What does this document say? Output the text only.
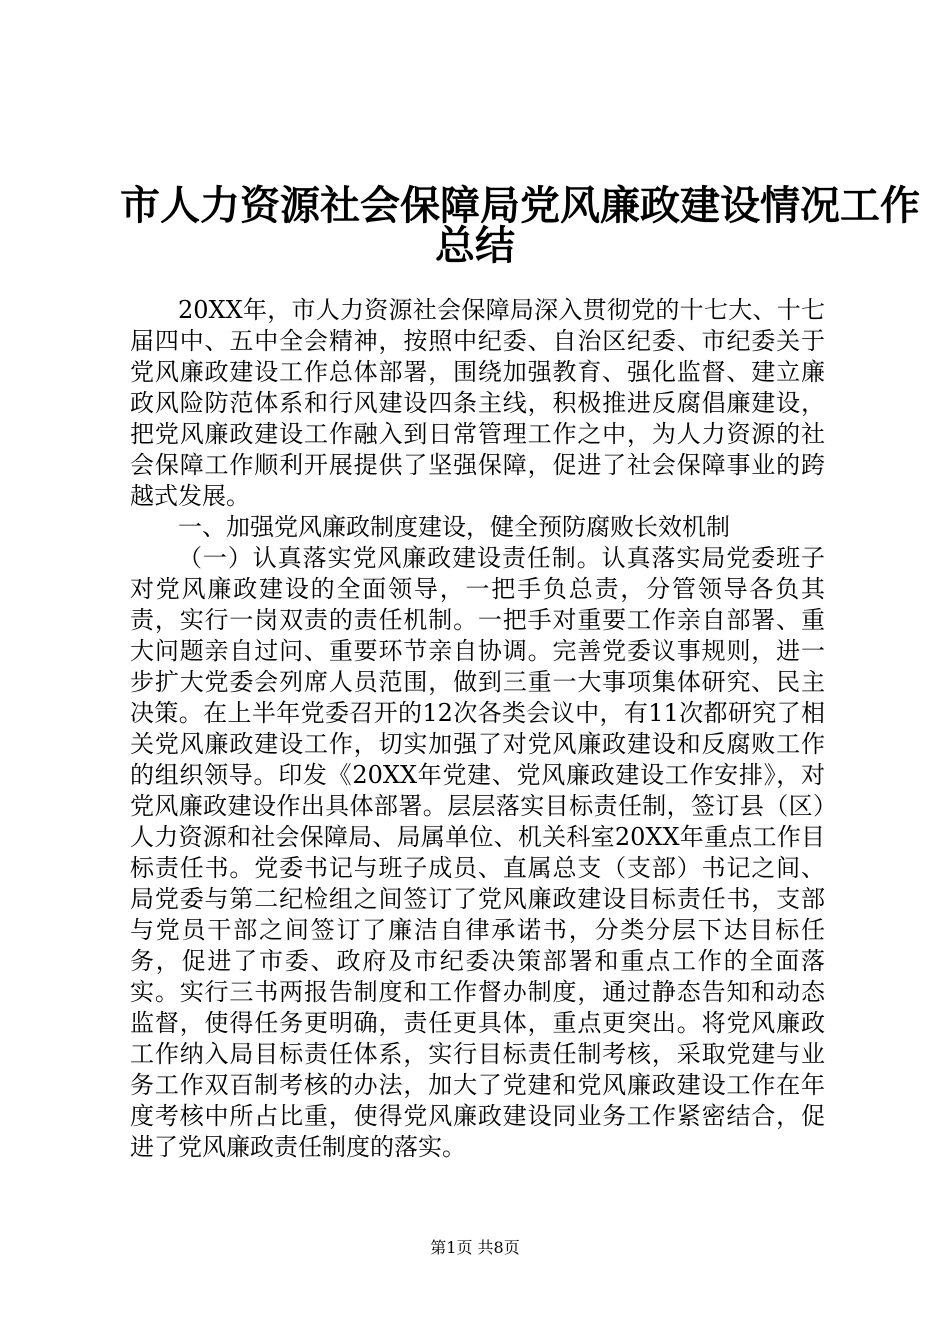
市人力资源社会保障局党风廉政建设情况工作
总结

20XX年，市人力资源社会保障局深入贯彻党的十七大、十七届四中、五中全会精神，按照中纪委、自治区纪委、市纪委关于党风廉政建设工作总体部署，围绕加强教育、强化监督、建立廉政风险防范体系和行风建设四条主线，积极推进反腐倡廉建设，把党风廉政建设工作融入到日常管理工作之中，为人力资源的社会保障工作顺利开展提供了坚强保障，促进了社会保障事业的跨越式发展。

一、加强党风廉政制度建设，健全预防腐败长效机制

（一）认真落实党风廉政建设责任制。认真落实局党委班子对党风廉政建设的全面领导，一把手负总责，分管领导各负其责，实行一岗双责的责任机制。一把手对重要工作亲自部署、重大问题亲自过问、重要环节亲自协调。完善党委议事规则，进一步扩大党委会列席人员范围，做到三重一大事项集体研究、民主决策。在上半年党委召开的12次各类会议中，有11次都研究了相关党风廉政建设工作，切实加强了对党风廉政建设和反腐败工作的组织领导。印发《20XX年党建、党风廉政建设工作安排》，对党风廉政建设作出具体部署。层层落实目标责任制，签订县（区）人力资源和社会保障局、局属单位、机关科室20XX年重点工作目标责任书。党委书记与班子成员、直属总支（支部）书记之间、局党委与第二纪检组之间签订了党风廉政建设目标责任书，支部与党员干部之间签订了廉洁自律承诺书，分类分层下达目标任务，促进了市委、政府及市纪委决策部署和重点工作的全面落实。实行三书两报告制度和工作督办制度，通过静态告知和动态监督，使得任务更明确，责任更具体，重点更突出。将党风廉政工作纳入局目标责任体系，实行目标责任制考核，采取党建与业务工作双百制考核的办法，加大了党建和党风廉政建设工作在年度考核中所占比重，使得党风廉政建设同业务工作紧密结合，促进了党风廉政责任制度的落实。

第1页 共8页
